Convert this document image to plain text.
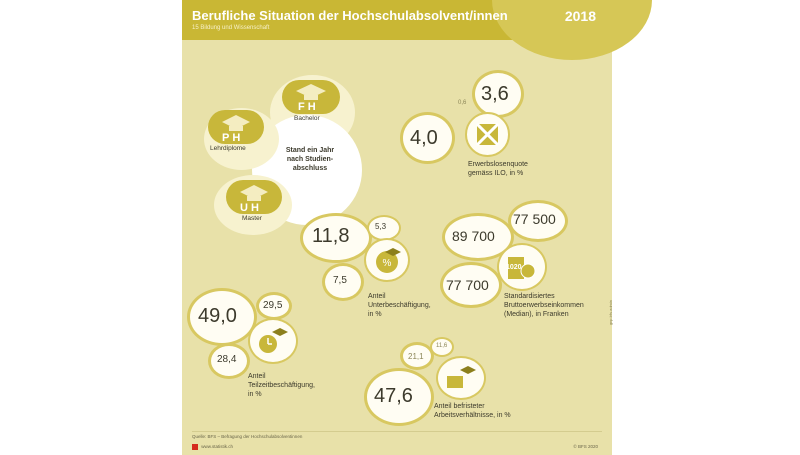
Berufliche Situation der Hochschulabsolvent/innen
15 Bildung und Wissenschaft
2018
FH
Bachelor
PH
Lehrdiplome
UH
Master
Stand ein Jahr
nach Studien-
abschluss
3,6
0,6
4,0
Erwerbslosenquote
gemäss ILO, in %
11,8	5,3
%
7,5
Anteil
Unterbeschäftigung,
in %
89 700
77 500
1020
77 700
Standardisiertes
Bruttoerwerbseinkommen
(Median), in Franken
49,0	29,5
28,4
Anteil
Teilzeitbeschäftigung,
in %
21,1
11,6
47,6	Anteil befristeter
Arbeitsverhältnisse, in %
Quelle: BFS – Befragung der Hochschulabsolventinnen
www.statistik.ch	© BFS 2020
gnp.bfs.admin
